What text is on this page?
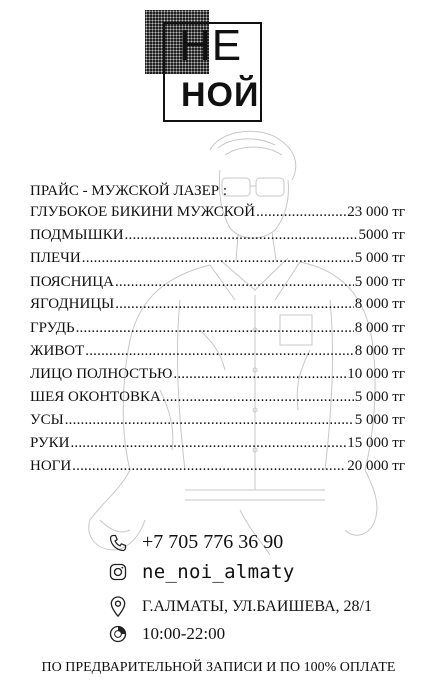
НЕ
НОЙ
ПРАЙС - МУЖСКОЙ ЛАЗЕР :
ГЛУБОКОЕ БИКИНИ МУЖСКОЙ .....	23 000 тг
ПОДМЫШКИ .....	5000 тг
ПЛЕЧИ .....	5 000 тг
ПОЯСНИЦА .....	5 000 тг
ЯГОДНИЦЫ .....	8 000 тг
ГРУДЬ .....	8 000 тг
ЖИВОТ .....	8 000 тг
ЛИЦО ПОЛНОСТЬЮ .....	10 000 тг
ШЕЯ ОКОНТОВКА .....	5 000 тг
УСЫ .....	5 000 тг
РУКИ .....	15 000 тг
НОГИ .....	20 000 тг
+7 705 776 36 90
ne_noi_almaty
Г.АЛМАТЫ, УЛ.БАИШЕВА, 28/1
10:00-22:00
ПО ПРЕДВАРИТЕЛЬНОЙ ЗАПИСИ И ПО 100% ОПЛАТЕ
